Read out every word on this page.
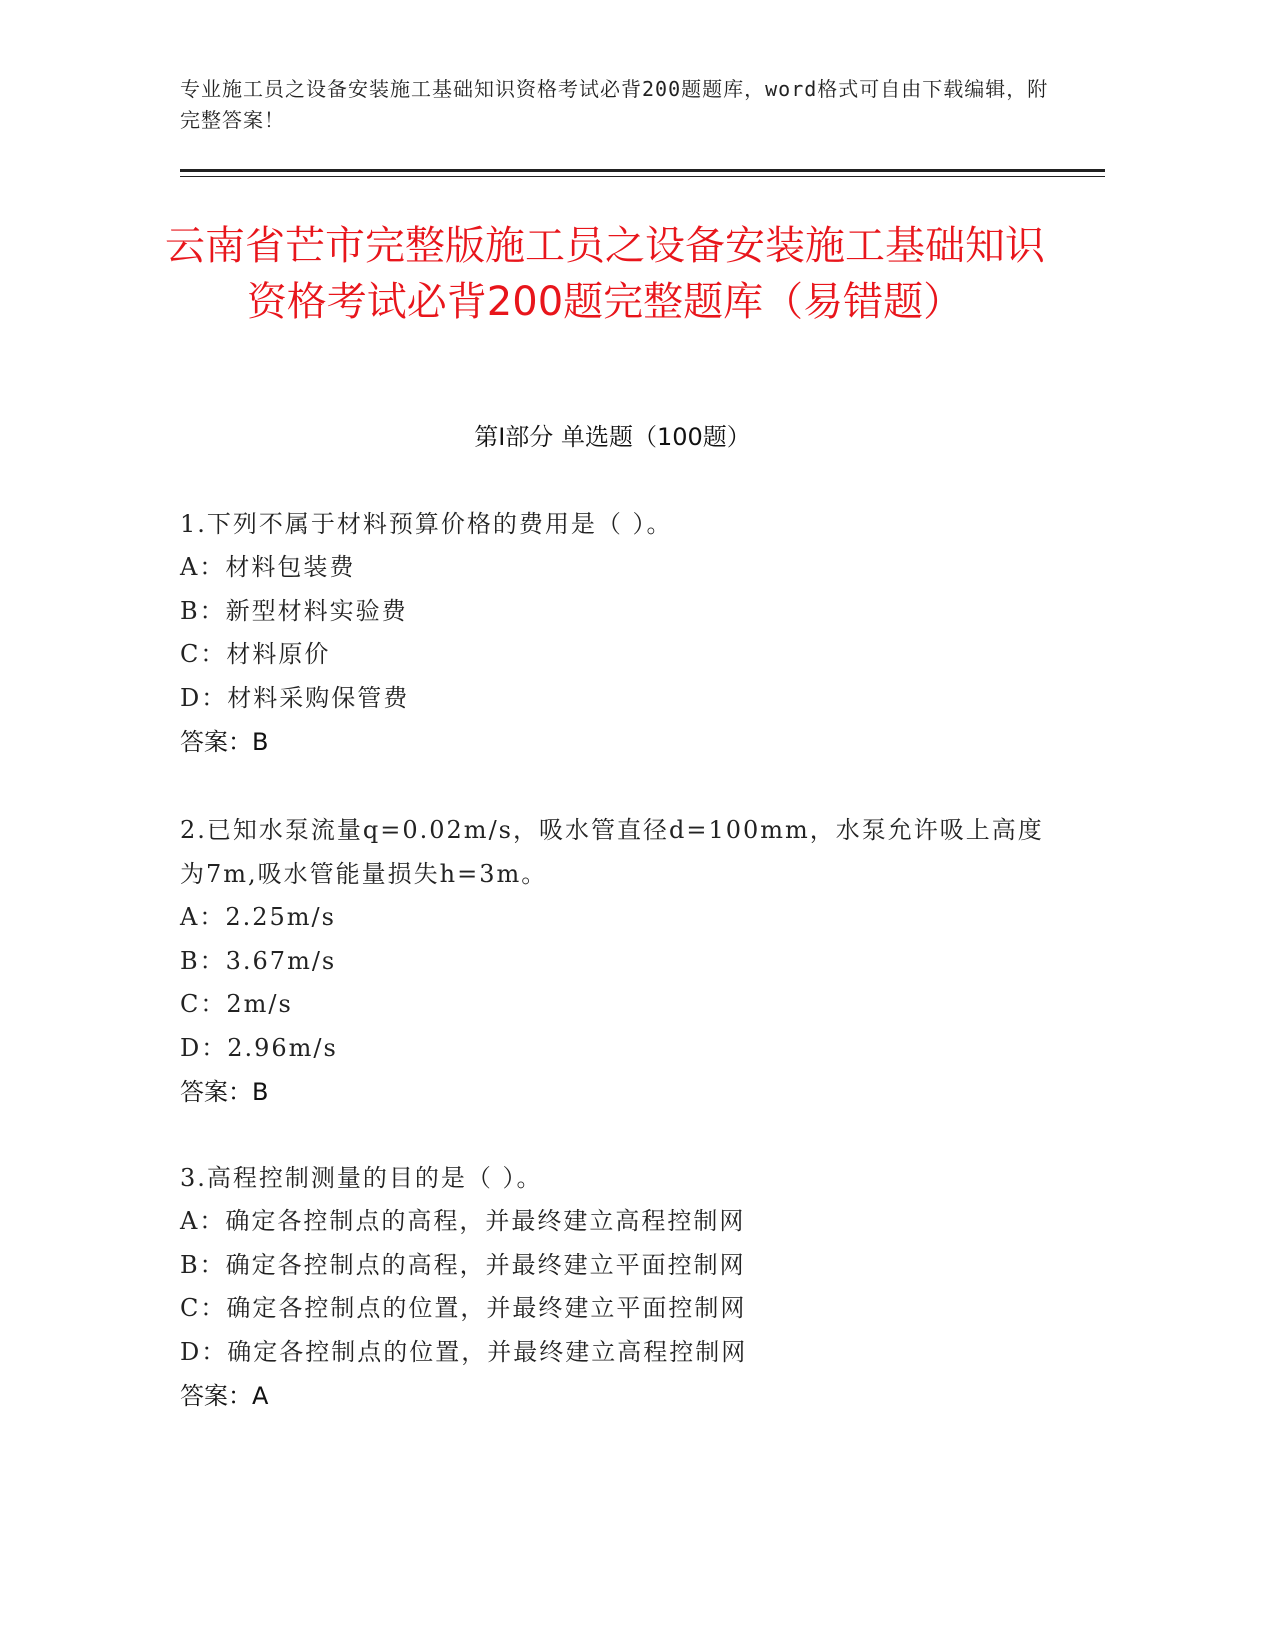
专业施工员之设备安装施工基础知识资格考试必背200题题库，word格式可自由下载编辑，附完整答案！
云南省芒市完整版施工员之设备安装施工基础知识资格考试必背200题完整题库（易错题）
第I部分 单选题（100题）

1.下列不属于材料预算价格的费用是（ ）。

A：材料包装费

B：新型材料实验费

C：材料原价

D：材料采购保管费

答案：B

2.已知水泵流量q=0.02m/s，吸水管直径d=100mm，水泵允许吸上高度为7m,吸水管能量损失h=3m。

A：2.25m/s

B：3.67m/s

C：2m/s

D：2.96m/s

答案：B

3.高程控制测量的目的是（ ）。

A：确定各控制点的高程，并最终建立高程控制网

B：确定各控制点的高程，并最终建立平面控制网

C：确定各控制点的位置，并最终建立平面控制网

D：确定各控制点的位置，并最终建立高程控制网

答案：A
